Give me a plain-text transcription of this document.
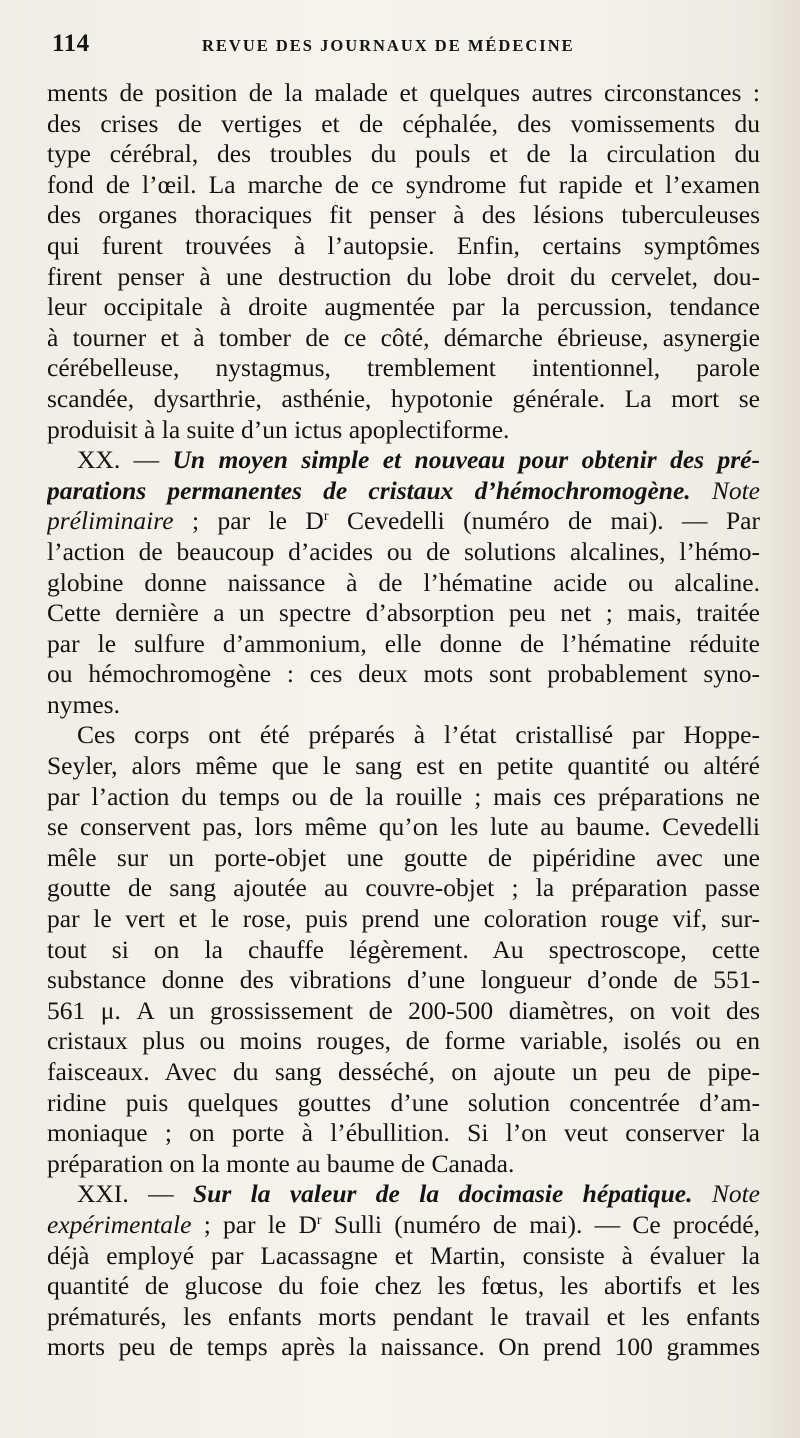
114	REVUE DES JOURNAUX DE MÉDECINE
ments de position de la malade et quelques autres circonstances :
des crises de vertiges et de céphalée, des vomissements du
type cérébral, des troubles du pouls et de la circulation du
fond de l’œil. La marche de ce syndrome fut rapide et l’examen
des organes thoraciques fit penser à des lésions tuberculeuses
qui furent trouvées à l’autopsie. Enfin, certains symptômes
firent penser à une destruction du lobe droit du cervelet, dou-
leur occipitale à droite augmentée par la percussion, tendance
à tourner et à tomber de ce côté, démarche ébrieuse, asynergie
cérébelleuse, nystagmus, tremblement intentionnel, parole
scandée, dysarthrie, asthénie, hypotonie générale. La mort se
produisit à la suite d’un ictus apoplectiforme.
XX. — Un moyen simple et nouveau pour obtenir des pré-
parations permanentes de cristaux d’hémochromogène. Note
préliminaire ; par le $D^r$ Cevedelli (numéro de mai). — Par
l’action de beaucoup d’acides ou de solutions alcalines, l’hémo-
globine donne naissance à de l’hématine acide ou alcaline.
Cette dernière a un spectre d’absorption peu net ; mais, traitée
par le sulfure d’ammonium, elle donne de l’hématine réduite
ou hémochromogène : ces deux mots sont probablement syno-
nymes.
Ces corps ont été préparés à l’état cristallisé par Hoppe-
Seyler, alors même que le sang est en petite quantité ou altéré
par l’action du temps ou de la rouille ; mais ces préparations ne
se conservent pas, lors même qu’on les lute au baume. Cevedelli
mêle sur un porte-objet une goutte de pipéridine avec une
goutte de sang ajoutée au couvre-objet ; la préparation passe
par le vert et le rose, puis prend une coloration rouge vif, sur-
tout si on la chauffe légèrement. Au spectroscope, cette
substance donne des vibrations d’une longueur d’onde de 551-
561 μ. A un grossissement de 200-500 diamètres, on voit des
cristaux plus ou moins rouges, de forme variable, isolés ou en
faisceaux. Avec du sang desséché, on ajoute un peu de pipe-
ridine puis quelques gouttes d’une solution concentrée d’am-
moniaque ; on porte à l’ébullition. Si l’on veut conserver la
préparation on la monte au baume de Canada.
XXI. — Sur la valeur de la docimasie hépatique. Note
expérimentale ; par le $D^r$ Sulli (numéro de mai). — Ce procédé,
déjà employé par Lacassagne et Martin, consiste à évaluer la
quantité de glucose du foie chez les fœtus, les abortifs et les
prématurés, les enfants morts pendant le travail et les enfants
morts peu de temps après la naissance. On prend 100 grammes
